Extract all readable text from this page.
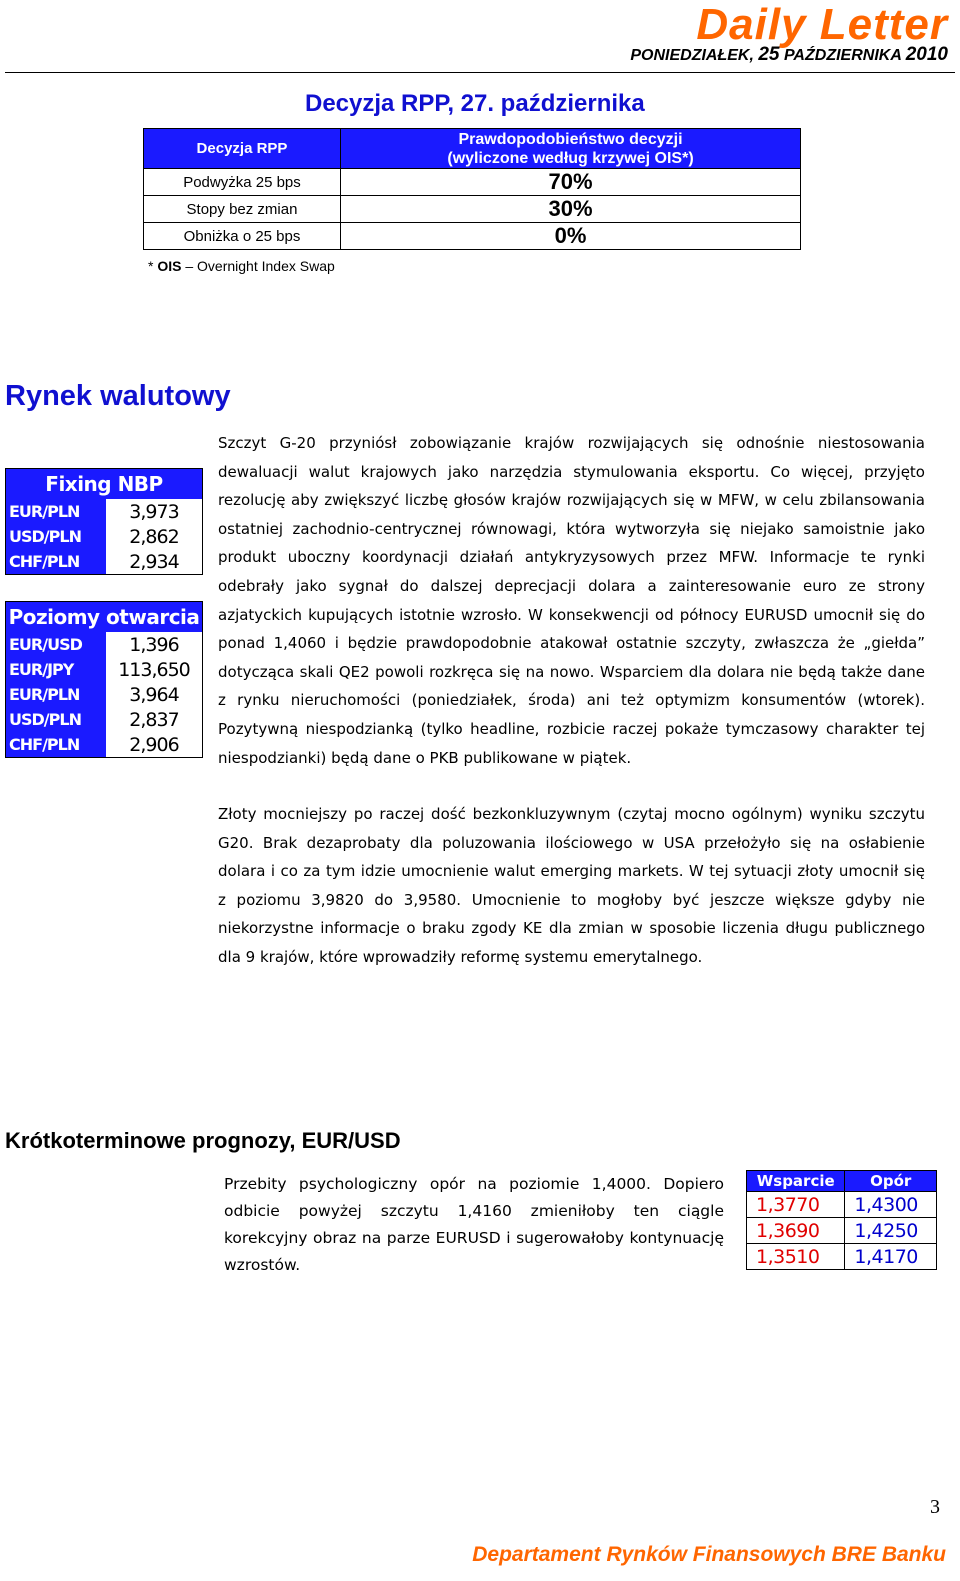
Daily Letter
PONIEDZIAŁEK, 25 PAŹDZIERNIKA 2010
Decyzja RPP, 27. października
Decyzja RPP	Prawdopodobieństwo decyzji
(wyliczone według krzywej OIS*)

Podwyżka 25 bps	70%
Stopy bez zmian	30%
Obniżka o 25 bps	0%
* OIS – Overnight Index Swap
Rynek walutowy
Fixing NBP
EUR/PLN	3,973
USD/PLN	2,862
CHF/PLN	2,934
Poziomy otwarcia
EUR/USD	1,396
EUR/JPY	113,650
EUR/PLN	3,964
USD/PLN	2,837
CHF/PLN	2,906

Szczyt G-20 przyniósł zobowiązanie krajów rozwijających się odnośnie niestosowania dewaluacji walut krajowych jako narzędzia stymulowania eksportu. Co więcej, przyjęto rezolucję aby zwiększyć liczbę głosów krajów rozwijających się w MFW, w celu zbilansowania ostatniej zachodnio-centrycznej równowagi, która wytworzyła się niejako samoistnie jako produkt uboczny koordynacji działań antykryzysowych przez MFW. Informacje te rynki odebrały jako sygnał do dalszej deprecjacji dolara a zainteresowanie euro ze strony azjatyckich kupujących istotnie wzrosło. W konsekwencji od północy EURUSD umocnił się do ponad 1,4060 i będzie prawdopodobnie atakował ostatnie szczyty, zwłaszcza że „giełda” dotycząca skali QE2 powoli rozkręca się na nowo. Wsparciem dla dolara nie będą także dane z rynku nieruchomości (poniedziałek, środa) ani też optymizm konsumentów (wtorek). Pozytywną niespodzianką (tylko headline, rozbicie raczej pokaże tymczasowy charakter tej niespodzianki) będą dane o PKB publikowane w piątek.

Złoty mocniejszy po raczej dość bezkonkluzywnym (czytaj mocno ogólnym) wyniku szczytu G20. Brak dezaprobaty dla poluzowania ilościowego w USA przełożyło się na osłabienie dolara i co za tym idzie umocnienie walut emerging markets. W tej sytuacji złoty umocnił się z poziomu 3,9820 do 3,9580. Umocnienie to mogłoby być jeszcze większe gdyby nie niekorzystne informacje o braku zgody KE dla zmian w sposobie liczenia długu publicznego dla 9 krajów, które wprowadziły reformę systemu emerytalnego.

Krótkoterminowe prognozy, EUR/USD

Przebity psychologiczny opór na poziomie 1,4000. Dopiero odbicie powyżej szczytu 1,4160 zmieniłoby ten ciągle korekcyjny obraz na parze EURUSD i sugerowałoby kontynuację wzrostów.

Wsparcie	Opór
1,3770	1,4300
1,3690	1,4250
1,3510	1,4170
3
Departament Rynków Finansowych BRE Banku
